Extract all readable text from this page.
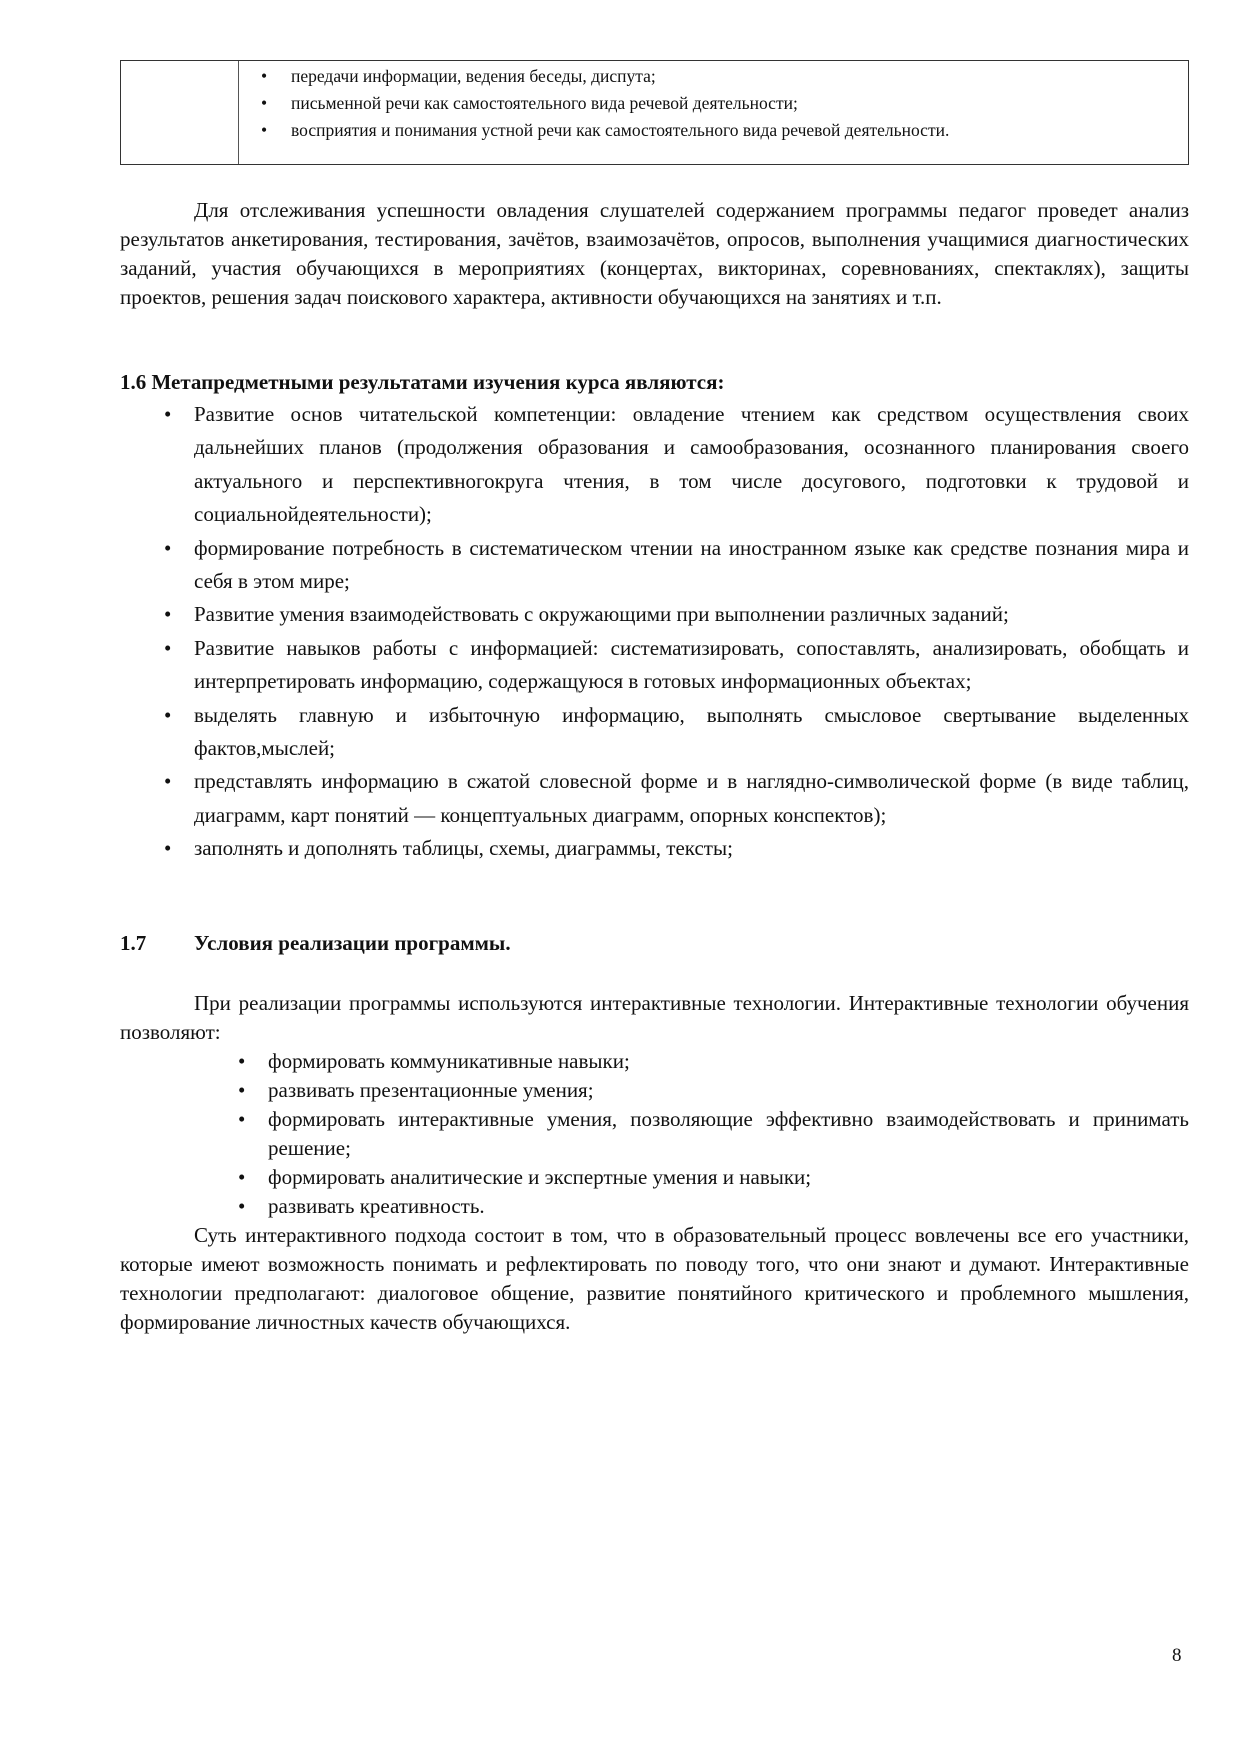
• передачи информации, ведения беседы, диспута;
• письменной речи как самостоятельного вида речевой деятельности;
• восприятия и понимания устной речи как самостоятельного вида речевой деятельности.

Для отслеживания успешности овладения слушателей содержанием программы педагог проведет анализ результатов анкетирования, тестирования, зачётов, взаимозачётов, опросов, выполнения учащимися диагностических заданий, участия обучающихся в мероприятиях (концертах, викторинах, соревнованиях, спектаклях), защиты проектов, решения задач поискового характера, активности обучающихся на занятиях и т.п.

1.6 Метапредметными результатами изучения курса являются:
• Развитие основ читательской компетенции: овладение чтением как средством осуществления своих дальнейших планов (продолжения образования и самообразования, осознанного планирования своего актуального и перспективногокруга чтения, в том числе досугового, подготовки к трудовой и социальнойдеятельности);
• формирование потребность в систематическом чтении на иностранном языке как средстве познания мира и себя в этом мире;
• Развитие умения взаимодействовать с окружающими при выполнении различных заданий;
• Развитие навыков работы с информацией: систематизировать, сопоставлять, анализировать, обобщать и интерпретировать информацию, содержащуюся в готовых информационных объектах;
• выделять главную и избыточную информацию, выполнять смысловое свертывание выделенных фактов,мыслей;
• представлять информацию в сжатой словесной форме и в наглядно-символической форме (в виде таблиц, диаграмм, карт понятий — концептуальных диаграмм, опорных конспектов);
• заполнять и дополнять таблицы, схемы, диаграммы, тексты;
1.7 Условия реализации программы.

При реализации программы используются интерактивные технологии. Интерактивные технологии обучения позволяют:

• формировать коммуникативные навыки;
• развивать презентационные умения;
• формировать интерактивные умения, позволяющие эффективно взаимодействовать и принимать решение;
• формировать аналитические и экспертные умения и навыки;
• развивать креативность.

Суть интерактивного подхода состоит в том, что в образовательный процесс вовлечены все его участники, которые имеют возможность понимать и рефлектировать по поводу того, что они знают и думают. Интерактивные технологии предполагают: диалоговое общение, развитие понятийного критического и проблемного мышления, формирование личностных качеств обучающихся.

8
